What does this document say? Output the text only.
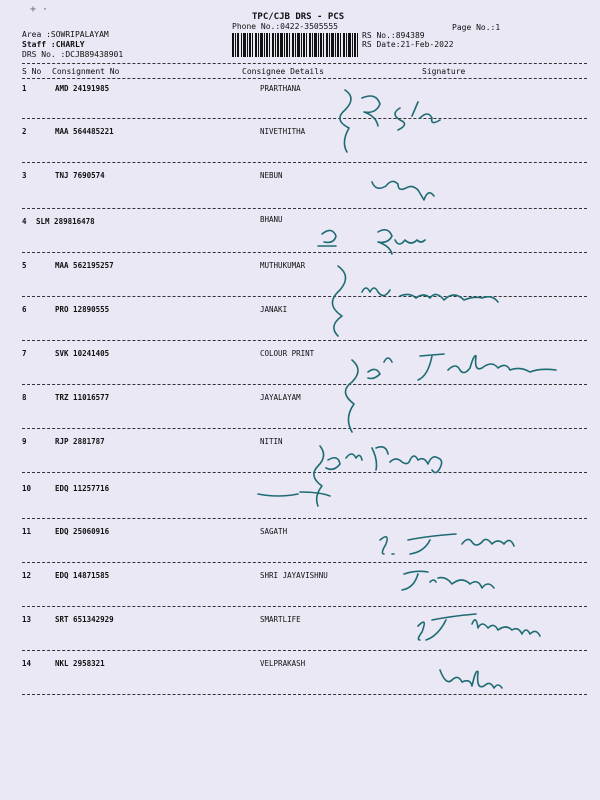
+ ·
TPC/CJB DRS - PCS
Phone No.:0422-3505555	Page No.:1
Area :SOWRIPALAYAM	RS No.:894389
Staff :CHARLY	RS Date:21-Feb-2022
DRS No. :DCJB89438901
S No Consignment No	Consignee Details	Signature
1	AMD 24191985	PRARTHANA
2	MAA 564485221	NIVETHITHA
3	TNJ 7690574	NEBUN
4 SLM 289816478	BHANU
5	MAA 562195257	MUTHUKUMAR
6	PRO 12890555	JANAKI
7	SVK 10241405	COLOUR PRINT
8	TRZ 11016577	JAYALAYAM
9	RJP 2881787	NITIN
10	EDQ 11257716
11	EDQ 25060916	SAGATH
12	EDQ 14871585	SHRI JAYAVISHNU
13	SRT 651342929	SMARTLIFE
14	NKL 2958321	VELPRAKASH
